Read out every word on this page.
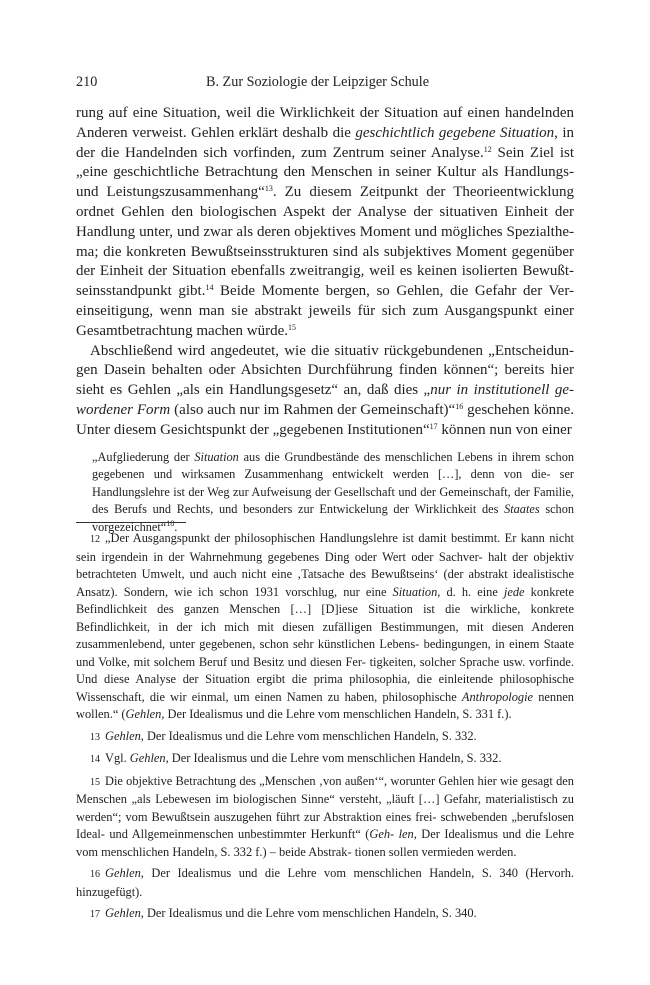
210	B. Zur Soziologie der Leipziger Schule

rung auf eine Situation, weil die Wirklichkeit der Situation auf einen handelnden Anderen verweist. Gehlen erklärt deshalb die geschichtlich gegebene Situation, in der die Handelnden sich vorfinden, zum Zentrum seiner Analyse.$^{12}$ Sein Ziel ist „eine geschichtliche Betrachtung den Menschen in seiner Kultur als Handlungs- und Leistungszusammenhang“$^{13}$. Zu diesem Zeitpunkt der Theorieentwicklung ordnet Gehlen den biologischen Aspekt der Analyse der situativen Einheit der Handlung unter, und zwar als deren objektives Moment und mögliches Spezialthe- ma; die konkreten Bewußtseinsstrukturen sind als subjektives Moment gegenüber der Einheit der Situation ebenfalls zweitrangig, weil es keinen isolierten Bewußt- seinsstandpunkt gibt.$^{14}$ Beide Momente bergen, so Gehlen, die Gefahr der Ver- einseitigung, wenn man sie abstrakt jeweils für sich zum Ausgangspunkt einer Gesamtbetrachtung machen würde.$^{15}$

Abschließend wird angedeutet, wie die situativ rückgebundenen „Entscheidun- gen Dasein behalten oder Absichten Durchführung finden können“; bereits hier sieht es Gehlen „als ein Handlungsgesetz“ an, daß dies „nur in institutionell ge- wordener Form (also auch nur im Rahmen der Gemeinschaft)“$^{16}$ geschehen könne. Unter diesem Gesichtspunkt der „gegebenen Institutionen“$^{17}$ können nun von einer

„Aufgliederung der Situation aus die Grundbestände des menschlichen Lebens in ihrem schon gegebenen und wirksamen Zusammenhang entwickelt werden […], denn von die- ser Handlungslehre ist der Weg zur Aufweisung der Gesellschaft und der Gemeinschaft, der Familie, des Berufs und Rechts, und besonders zur Entwickelung der Wirklichkeit des Staates schon vorgezeichnet“$^{18}$.

12 „Der Ausgangspunkt der philosophischen Handlungslehre ist damit bestimmt. Er kann nicht sein irgendein in der Wahrnehmung gegebenes Ding oder Wert oder Sachver- halt der objektiv betrachteten Umwelt, und auch nicht eine ‚Tatsache des Bewußtseins‘ (der abstrakt idealistische Ansatz). Sondern, wie ich schon 1931 vorschlug, nur eine Situation, d. h. eine jede konkrete Befindlichkeit des ganzen Menschen […] [D]iese Situation ist die wirkliche, konkrete Befindlichkeit, in der ich mich mit diesen zufälligen Bestimmungen, mit diesen Anderen zusammenlebend, unter gegebenen, schon sehr künstlichen Lebens- bedingungen, in einem Staate und Volke, mit solchem Beruf und Besitz und diesen Fer- tigkeiten, solcher Sprache usw. vorfinde. Und diese Analyse der Situation ergibt die prima philosophia, die einleitende philosophische Wissenschaft, die wir einmal, um einen Namen zu haben, philosophische Anthropologie nennen wollen.“ (Gehlen, Der Idealismus und die Lehre vom menschlichen Handeln, S. 331 f.).

13 Gehlen, Der Idealismus und die Lehre vom menschlichen Handeln, S. 332.

14 Vgl. Gehlen, Der Idealismus und die Lehre vom menschlichen Handeln, S. 332.

15 Die objektive Betrachtung des „Menschen ‚von außen‘“, worunter Gehlen hier wie gesagt den Menschen „als Lebewesen im biologischen Sinne“ versteht, „läuft […] Gefahr, materialistisch zu werden“; vom Bewußtsein auszugehen führt zur Abstraktion eines frei- schwebenden „berufslosen Ideal- und Allgemeinmenschen unbestimmter Herkunft“ (Geh- len, Der Idealismus und die Lehre vom menschlichen Handeln, S. 332 f.) – beide Abstrak- tionen sollen vermieden werden.

16 Gehlen, Der Idealismus und die Lehre vom menschlichen Handeln, S. 340 (Hervorh. hinzugefügt).

17 Gehlen, Der Idealismus und die Lehre vom menschlichen Handeln, S. 340.
